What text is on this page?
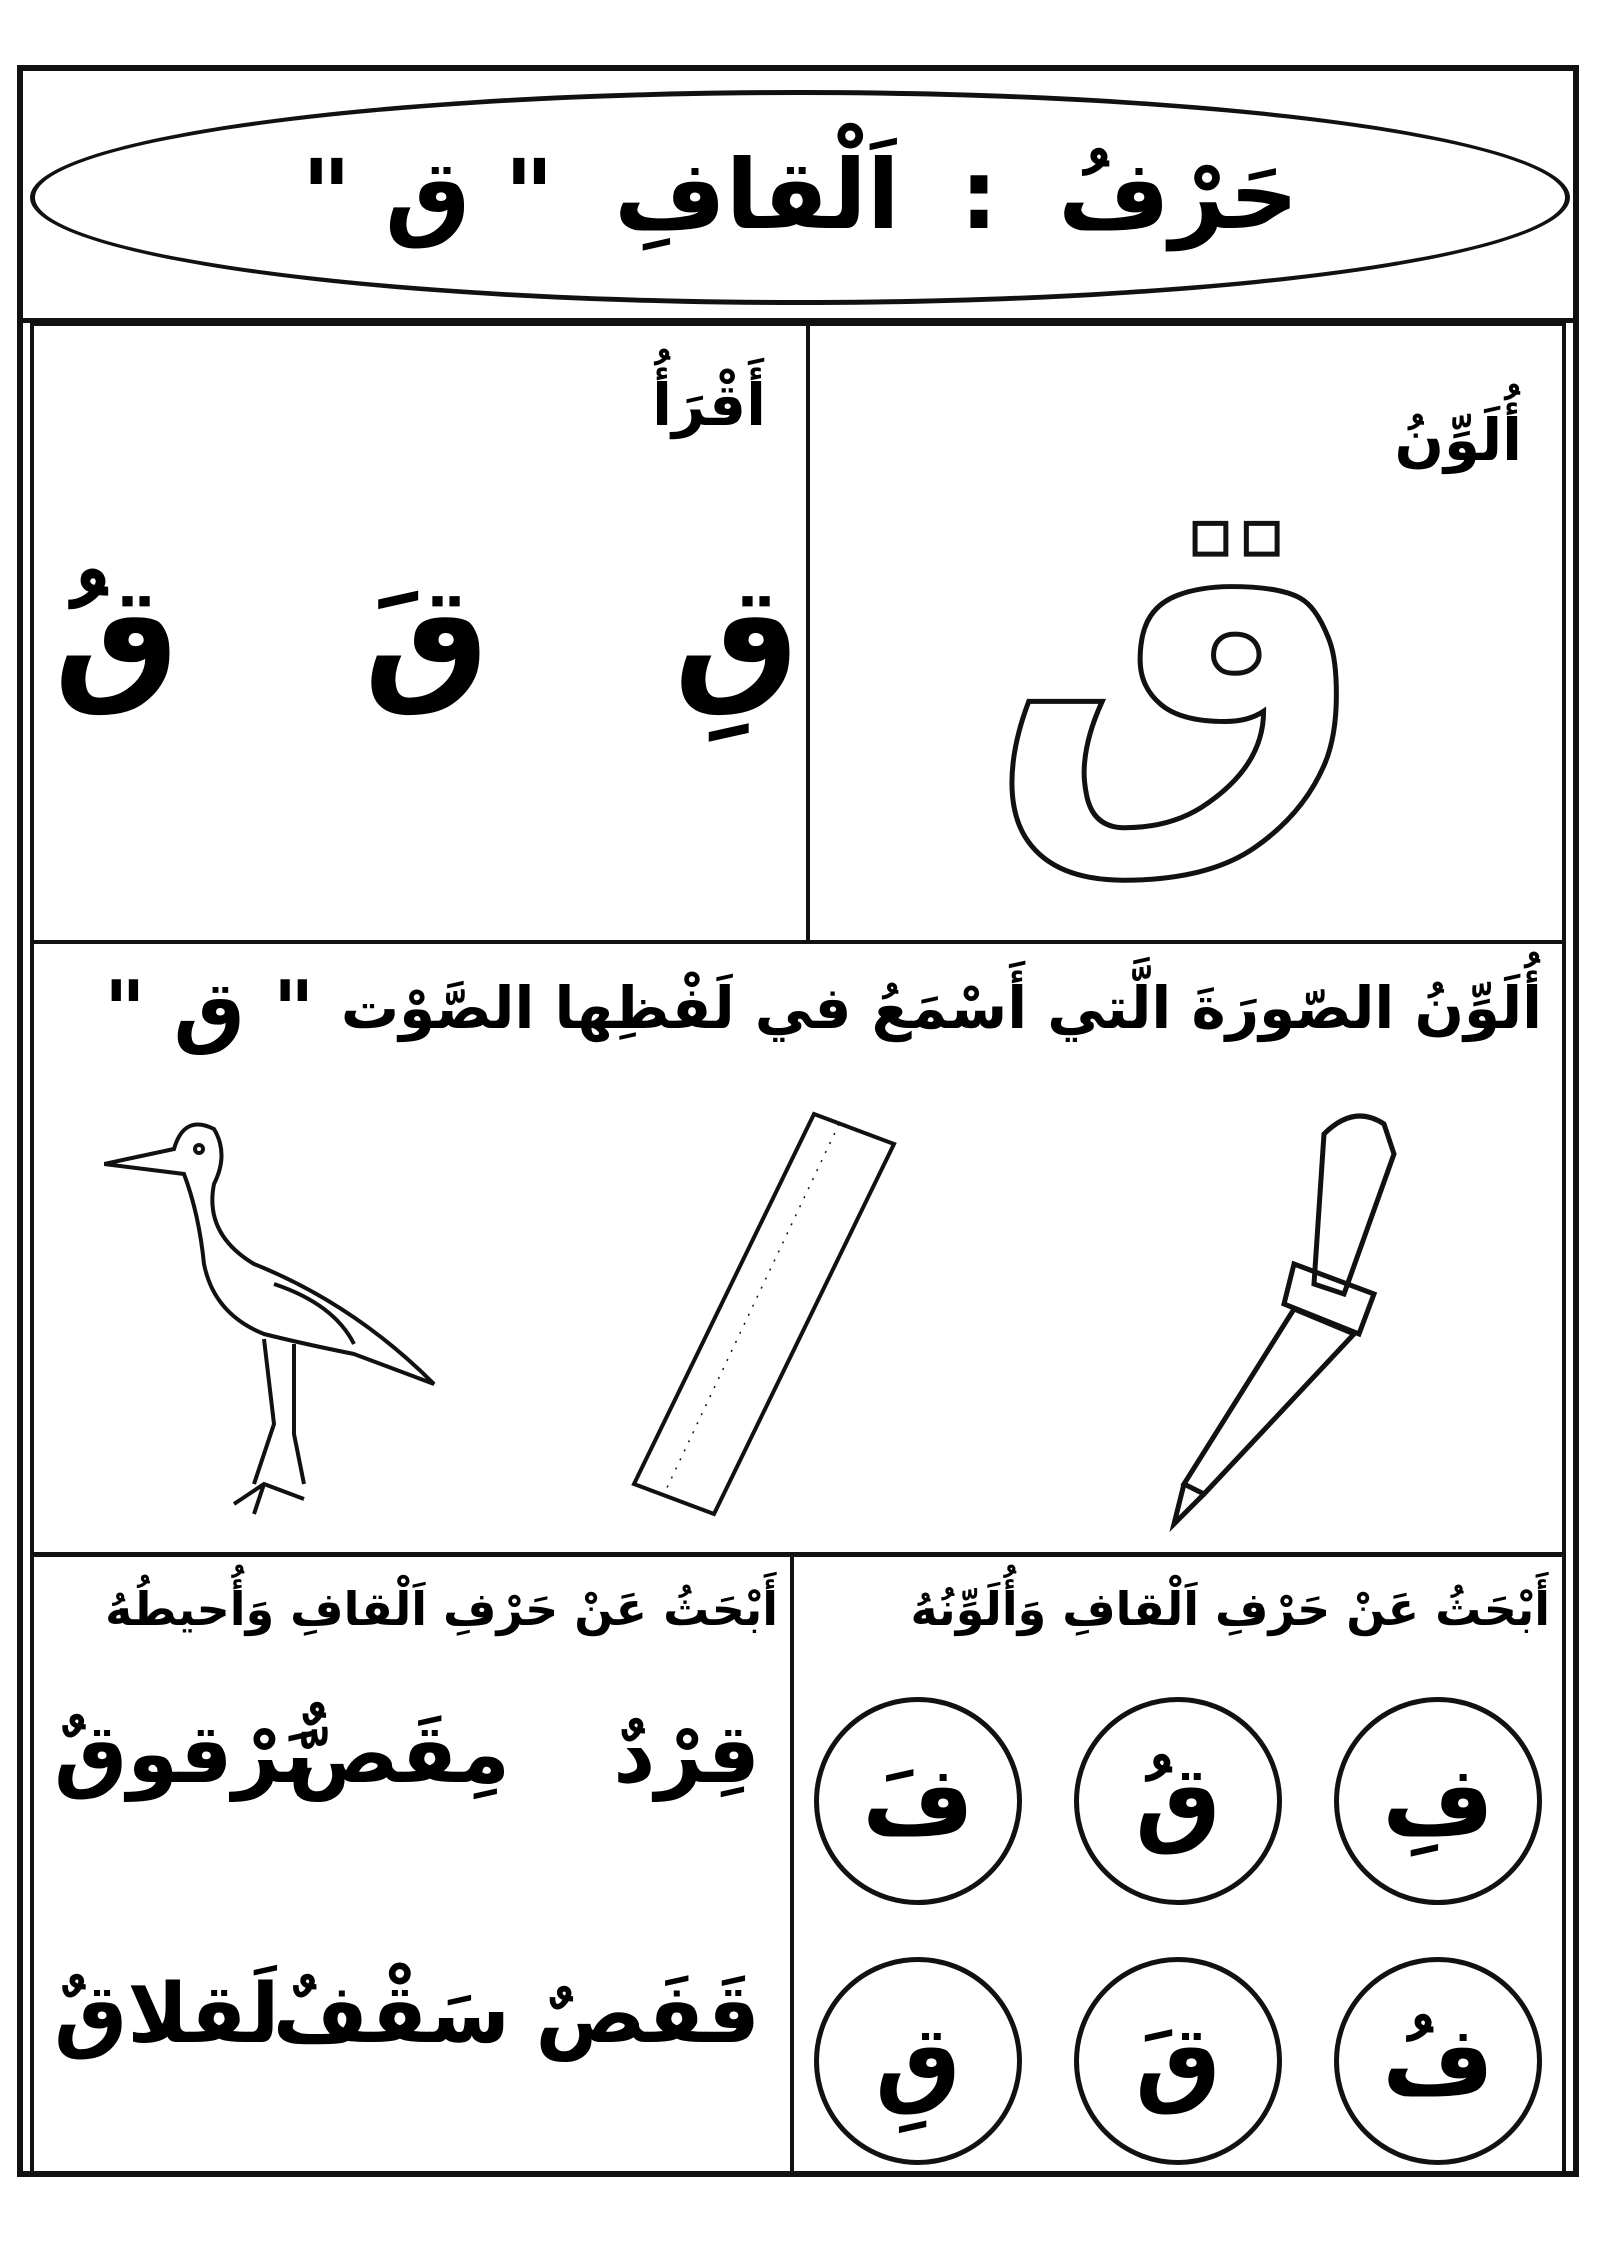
حَرْفُ:اَلْقافِ" ق "
أَقْرَأُ
قِ
قَ
قُ
أُلَوِّنُ
ق
أُلَوِّنُ الصّورَةَ الَّتي أَسْمَعُ في لَفْظِها الصَّوْت
" ق "
أَبْحَثُ عَنْ حَرْفِ اَلْقافِ وَأُحيطُهُ
قِرْدٌ
مِقَصٌّ
بَرْقوقٌ
قَفَصٌ
سَقْفٌ
لَقلاقٌ
أَبْحَثُ عَنْ حَرْفِ اَلْقافِ وَأُلَوِّنُهُ
فِ
قُ
فَ
فُ
قَ
قِ
